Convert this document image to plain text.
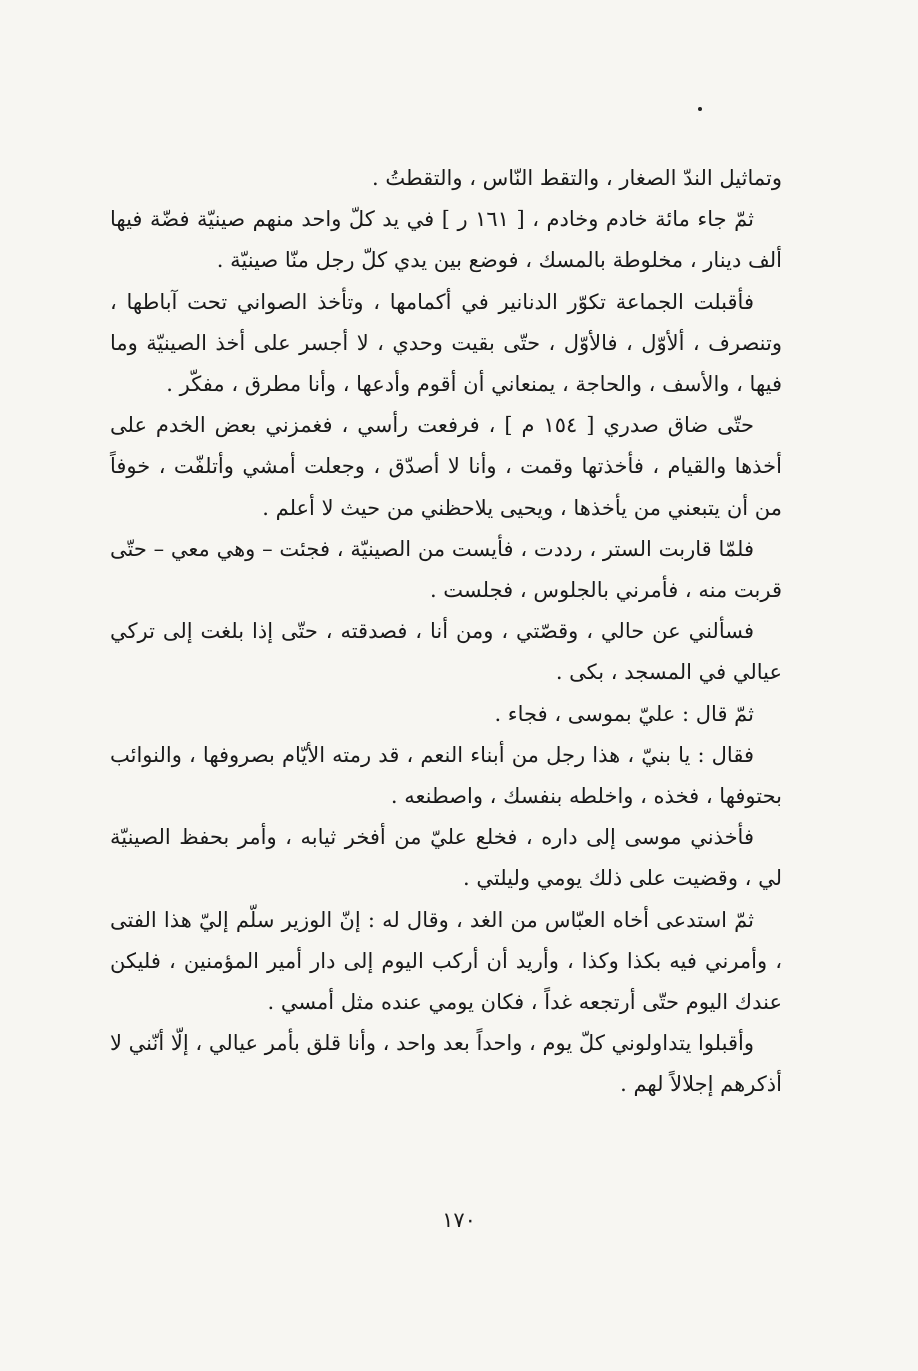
وتماثيل الندّ الصغار ، والتقط النّاس ، والتقطتُ .

ثمّ جاء مائة خادم وخادم ، [ ١٦١ ر ] في يد كلّ واحد منهم صينيّة فضّة فيها ألف دينار ، مخلوطة بالمسك ، فوضع بين يدي كلّ رجل منّا صينيّة .

فأقبلت الجماعة تكوّر الدنانير في أكمامها ، وتأخذ الصواني تحت آباطها ، وتنصرف ، ألأوّل ، فالأوّل ، حتّى بقيت وحدي ، لا أجسر على أخذ الصينيّة وما فيها ، والأسف ، والحاجة ، يمنعاني أن أقوم وأدعها ، وأنا مطرق ، مفكّر .

حتّى ضاق صدري [ ١٥٤ م ] ، فرفعت رأسي ، فغمزني بعض الخدم على أخذها والقيام ، فأخذتها وقمت ، وأنا لا أصدّق ، وجعلت أمشي وأتلفّت ، خوفاً من أن يتبعني من يأخذها ، ويحيى يلاحظني من حيث لا أعلم .

فلمّا قاربت الستر ، رددت ، فأيست من الصينيّة ، فجئت – وهي معي – حتّى قربت منه ، فأمرني بالجلوس ، فجلست .

فسألني عن حالي ، وقصّتي ، ومن أنا ، فصدقته ، حتّى إذا بلغت إلى تركي عيالي في المسجد ، بكى .

ثمّ قال : عليّ بموسى ، فجاء .

فقال : يا بنيّ ، هذا رجل من أبناء النعم ، قد رمته الأيّام بصروفها ، والنوائب بحتوفها ، فخذه ، واخلطه بنفسك ، واصطنعه .

فأخذني موسى إلى داره ، فخلع عليّ من أفخر ثيابه ، وأمر بحفظ الصينيّة لي ، وقضيت على ذلك يومي وليلتي .

ثمّ استدعى أخاه العبّاس من الغد ، وقال له : إنّ الوزير سلّم إليّ هذا الفتى ، وأمرني فيه بكذا وكذا ، وأريد أن أركب اليوم إلى دار أمير المؤمنين ، فليكن عندك اليوم حتّى أرتجعه غداً ، فكان يومي عنده مثل أمسي .

وأقبلوا يتداولوني كلّ يوم ، واحداً بعد واحد ، وأنا قلق بأمر عيالي ، إلّا أنّني لا أذكرهم إجلالاً لهم .

١٧٠
